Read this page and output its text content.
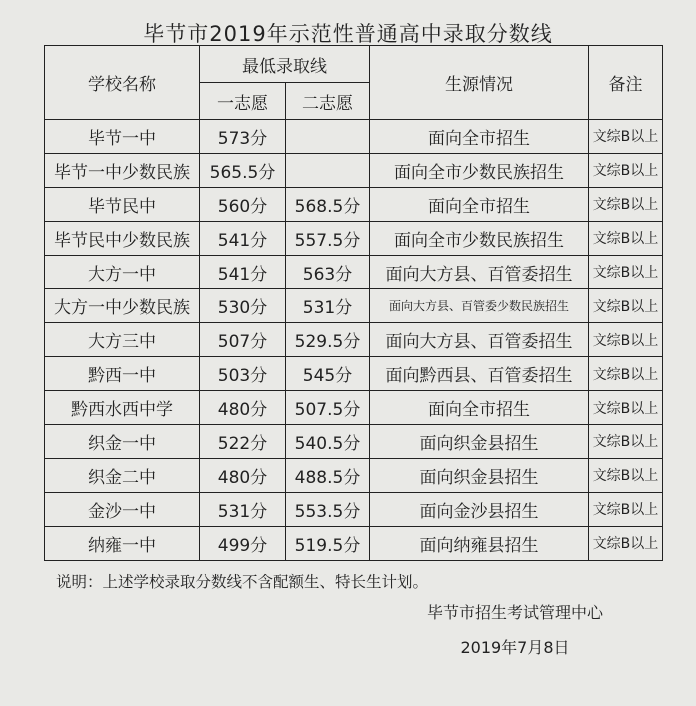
毕节市2019年示范性普通高中录取分数线
学校名称	最低录取线		生源情况	备注
	一志愿	二志愿		
毕节一中	573分		面向全市招生	文综B以上
毕节一中少数民族	565.5分		面向全市少数民族招生	文综B以上
毕节民中	560分	568.5分	面向全市招生	文综B以上
毕节民中少数民族	541分	557.5分	面向全市少数民族招生	文综B以上
大方一中	541分	563分	面向大方县、百管委招生	文综B以上
大方一中少数民族	530分	531分	面向大方县、百管委少数民族招生	文综B以上
大方三中	507分	529.5分	面向大方县、百管委招生	文综B以上
黔西一中	503分	545分	面向黔西县、百管委招生	文综B以上
黔西水西中学	480分	507.5分	面向全市招生	文综B以上
织金一中	522分	540.5分	面向织金县招生	文综B以上
织金二中	480分	488.5分	面向织金县招生	文综B以上
金沙一中	531分	553.5分	面向金沙县招生	文综B以上
纳雍一中	499分	519.5分	面向纳雍县招生	文综B以上
说明：上述学校录取分数线不含配额生、特长生计划。
毕节市招生考试管理中心
2019年7月8日
